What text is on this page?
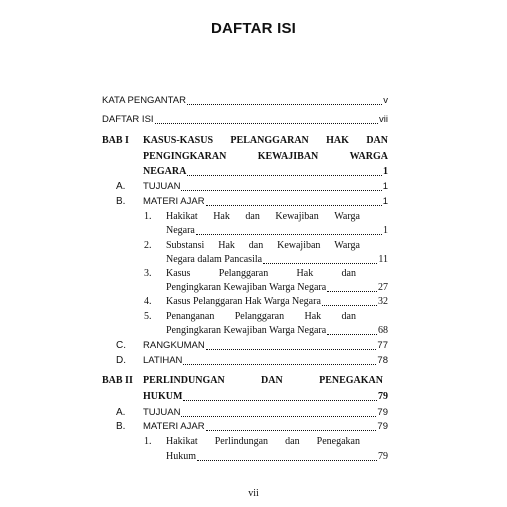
DAFTAR ISI
KATA PENGANTAR	v
DAFTAR ISI	vii
BAB I KASUS-KASUS PELANGGARAN HAK DAN
PENGINGKARAN	KEWAJIBAN	WARGA
NEGARA	1
A. TUJUAN	1
B. MATERI AJAR	1
1. Hakikat Hak dan Kewajiban Warga
Negara	1
2. Substansi Hak dan Kewajiban Warga
Negara dalam Pancasila	11
3. Kasus	Pelanggaran	Hak	dan
Pengingkaran Kewajiban Warga Negara	27
4. Kasus Pelanggaran Hak Warga Negara	32
5. Penanganan Pelanggaran Hak dan
Pengingkaran Kewajiban Warga Negara	68
C. RANGKUMAN	77
D. LATIHAN	78
BAB II PERLINDUNGAN	DAN	PENEGAKAN
HUKUM	79
A. TUJUAN	79
B. MATERI AJAR	79
1. Hakikat Perlindungan dan Penegakan
Hukum	79
vii
